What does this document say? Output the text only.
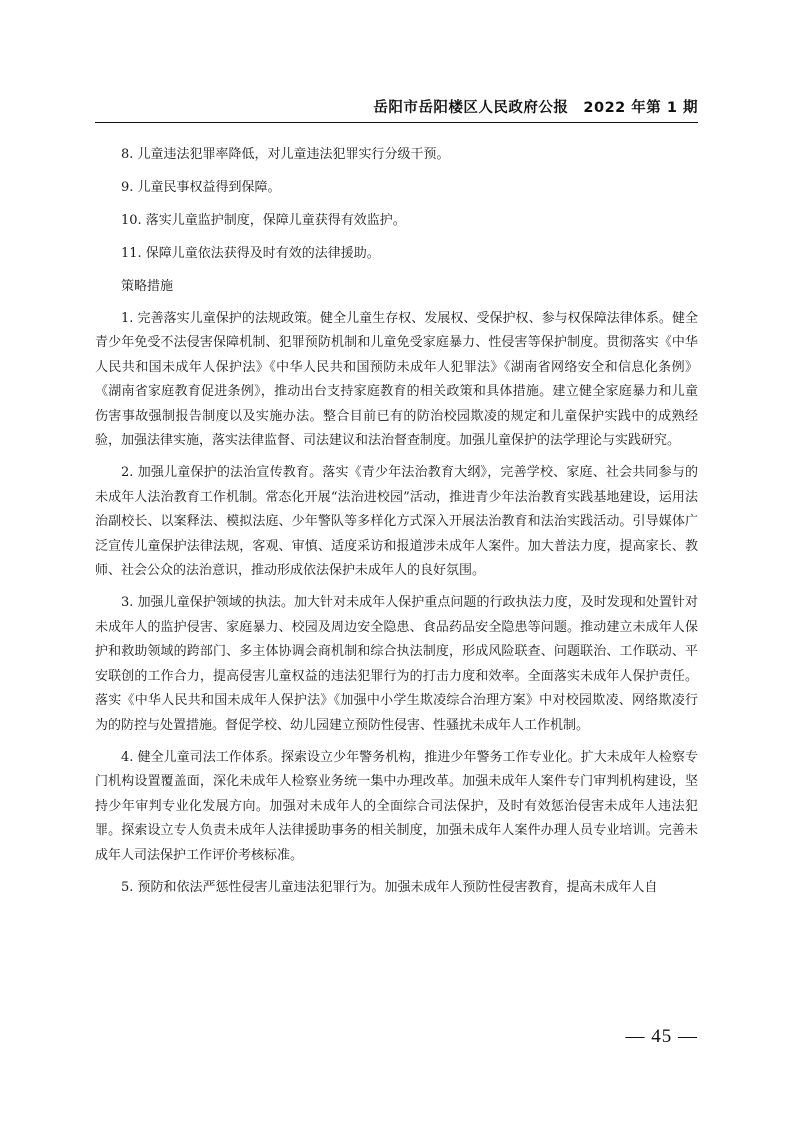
岳阳市岳阳楼区人民政府公报　2022 年第 1 期

8. 儿童违法犯罪率降低，对儿童违法犯罪实行分级干预。

9. 儿童民事权益得到保障。

10. 落实儿童监护制度，保障儿童获得有效监护。

11. 保障儿童依法获得及时有效的法律援助。

策略措施

1. 完善落实儿童保护的法规政策。健全儿童生存权、发展权、受保护权、参与权保障法律体系。健全青少年免受不法侵害保障机制、犯罪预防机制和儿童免受家庭暴力、性侵害等保护制度。贯彻落实《中华人民共和国未成年人保护法》《中华人民共和国预防未成年人犯罪法》《湖南省网络安全和信息化条例》《湖南省家庭教育促进条例》，推动出台支持家庭教育的相关政策和具体措施。建立健全家庭暴力和儿童伤害事故强制报告制度以及实施办法。整合目前已有的防治校园欺凌的规定和儿童保护实践中的成熟经验，加强法律实施，落实法律监督、司法建议和法治督查制度。加强儿童保护的法学理论与实践研究。

2. 加强儿童保护的法治宣传教育。落实《青少年法治教育大纲》，完善学校、家庭、社会共同参与的未成年人法治教育工作机制。常态化开展“法治进校园”活动，推进青少年法治教育实践基地建设，运用法治副校长、以案释法、模拟法庭、少年警队等多样化方式深入开展法治教育和法治实践活动。引导媒体广泛宣传儿童保护法律法规，客观、审慎、适度采访和报道涉未成年人案件。加大普法力度，提高家长、教师、社会公众的法治意识，推动形成依法保护未成年人的良好氛围。

3. 加强儿童保护领域的执法。加大针对未成年人保护重点问题的行政执法力度，及时发现和处置针对未成年人的监护侵害、家庭暴力、校园及周边安全隐患、食品药品安全隐患等问题。推动建立未成年人保护和救助领域的跨部门、多主体协调会商机制和综合执法制度，形成风险联查、问题联治、工作联动、平安联创的工作合力，提高侵害儿童权益的违法犯罪行为的打击力度和效率。全面落实未成年人保护责任。落实《中华人民共和国未成年人保护法》《加强中小学生欺凌综合治理方案》中对校园欺凌、网络欺凌行为的防控与处置措施。督促学校、幼儿园建立预防性侵害、性骚扰未成年人工作机制。

4. 健全儿童司法工作体系。探索设立少年警务机构，推进少年警务工作专业化。扩大未成年人检察专门机构设置覆盖面，深化未成年人检察业务统一集中办理改革。加强未成年人案件专门审判机构建设，坚持少年审判专业化发展方向。加强对未成年人的全面综合司法保护，及时有效惩治侵害未成年人违法犯罪。探索设立专人负责未成年人法律援助事务的相关制度，加强未成年人案件办理人员专业培训。完善未成年人司法保护工作评价考核标准。

5. 预防和依法严惩性侵害儿童违法犯罪行为。加强未成年人预防性侵害教育，提高未成年人自

— 45 —
